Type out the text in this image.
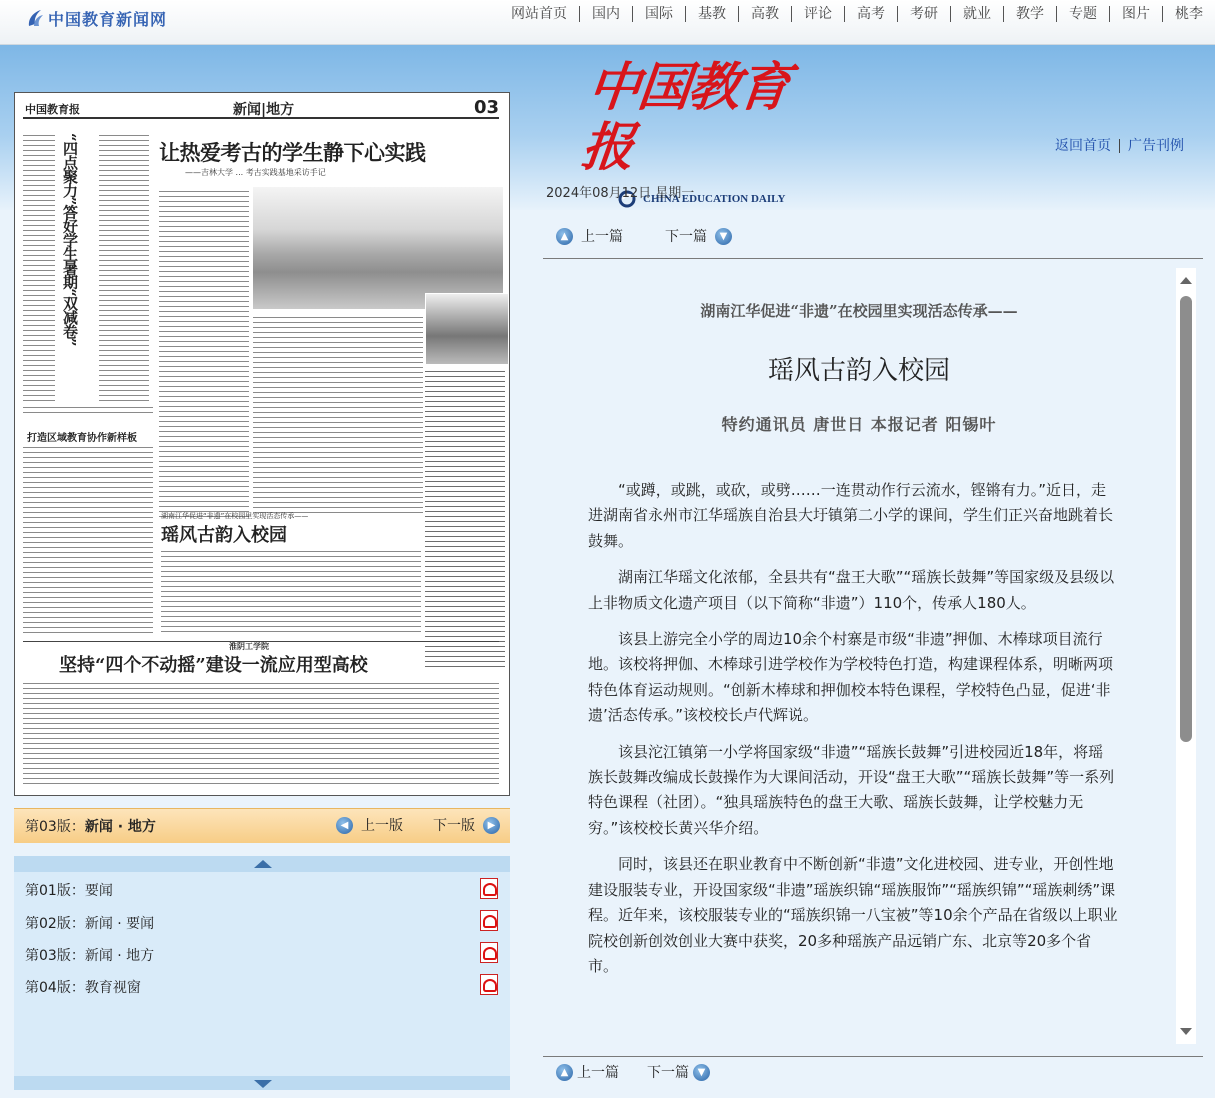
中国教育新闻网	网站首页	国内	国际	基教	高教	评论	高考	考研	就业	教学	专题	图片	桃李
中国教育报
CHINA EDUCATION DAILY
返回首页	广告刊例
中国教育报	新闻|地方	03
“四点聚力”答好学生暑期“双减卷”	让热爱考古的学生静下心实践
——吉林大学 ... 考古实践基地采访手记
打造区域教育协作新样板
湖南江华促进“非遗”在校园里实现活态传承——
瑶风古韵入校园
淮阴工学院
坚持“四个不动摇”建设一流应用型高校
第03版：新闻 · 地方	◀ 上一版 下一版	▶
第01版：要闻
第02版：新闻 · 要闻
第03版：新闻 · 地方
第04版：教育视窗
2024年08月12日 星期一
▲ 上一篇	下一篇	▼
湖南江华促进“非遗”在校园里实现活态传承——
瑶风古韵入校园
特约通讯员 唐世日 本报记者 阳锡叶

“或蹲，或跳，或砍，或劈……一连贯动作行云流水，铿锵有力。”近日，走进湖南省永州市江华瑶族自治县大圩镇第二小学的课间，学生们正兴奋地跳着长鼓舞。

湖南江华瑶文化浓郁，全县共有“盘王大歌”“瑶族长鼓舞”等国家级及县级以上非物质文化遗产项目（以下简称“非遗”）110个，传承人180人。

该县上游完全小学的周边10余个村寨是市级“非遗”押伽、木棒球项目流行地。该校将押伽、木棒球引进学校作为学校特色打造，构建课程体系，明晰两项特色体育运动规则。“创新木棒球和押伽校本特色课程，学校特色凸显，促进‘非遗’活态传承。”该校校长卢代辉说。

该县沱江镇第一小学将国家级“非遗”“瑶族长鼓舞”引进校园近18年，将瑶族长鼓舞改编成长鼓操作为大课间活动，开设“盘王大歌”“瑶族长鼓舞”等一系列特色课程（社团）。“独具瑶族特色的盘王大歌、瑶族长鼓舞，让学校魅力无穷。”该校校长黄兴华介绍。

同时，该县还在职业教育中不断创新“非遗”文化进校园、进专业，开创性地建设服装专业，开设国家级“非遗”瑶族织锦“瑶族服饰”“瑶族织锦”“瑶族刺绣”课程。近年来，该校服装专业的“瑶族织锦一八宝被”等10余个产品在省级以上职业院校创新创效创业大赛中获奖，20多种瑶族产品远销广东、北京等20多个省市。

▲ 上一篇 下一篇 ▼
